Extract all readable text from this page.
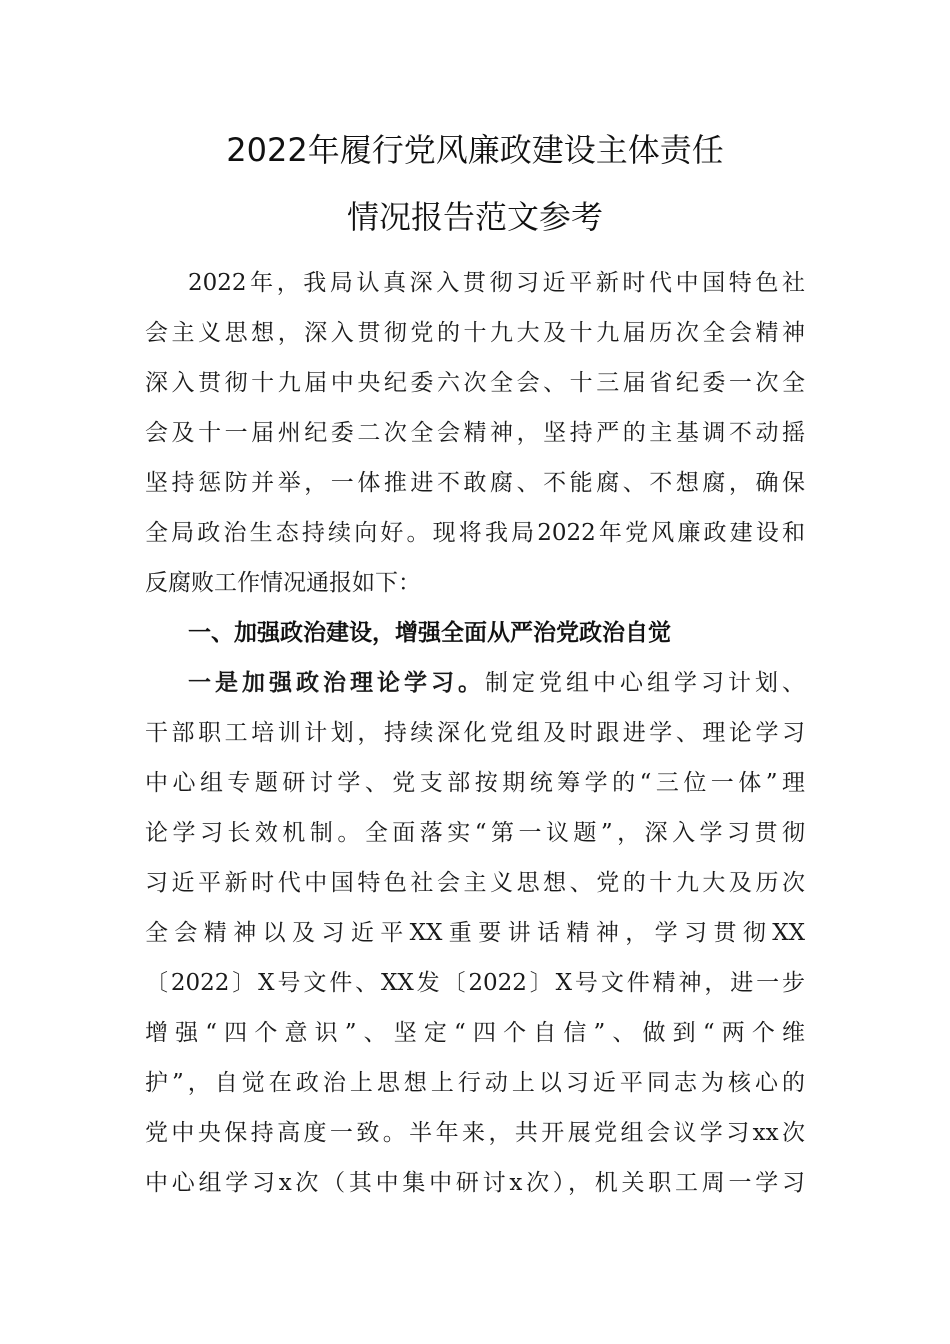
2022年履行党风廉政建设主体责任
情况报告范文参考
2022年，我局认真深入贯彻习近平新时代中国特色社
会主义思想，深入贯彻党的十九大及十九届历次全会精神
深入贯彻十九届中央纪委六次全会、十三届省纪委一次全
会及十一届州纪委二次全会精神，坚持严的主基调不动摇
坚持惩防并举，一体推进不敢腐、不能腐、不想腐，确保
全局政治生态持续向好。现将我局2022年党风廉政建设和
反腐败工作情况通报如下：
一、加强政治建设，增强全面从严治党政治自觉
一是加强政治理论学习。制定党组中心组学习计划、
干部职工培训计划，持续深化党组及时跟进学、理论学习
中心组专题研讨学、党支部按期统筹学的“三位一体”理
论学习长效机制。全面落实“第一议题”，深入学习贯彻
习近平新时代中国特色社会主义思想、党的十九大及历次
全会精神以及习近平XX重要讲话精神，学习贯彻XX
〔2022〕X号文件、XX发〔2022〕X号文件精神，进一步
增强“四个意识”、坚定“四个自信”、做到“两个维
护”，自觉在政治上思想上行动上以习近平同志为核心的
党中央保持高度一致。半年来，共开展党组会议学习xx次
中心组学习x次（其中集中研讨x次），机关职工周一学习
